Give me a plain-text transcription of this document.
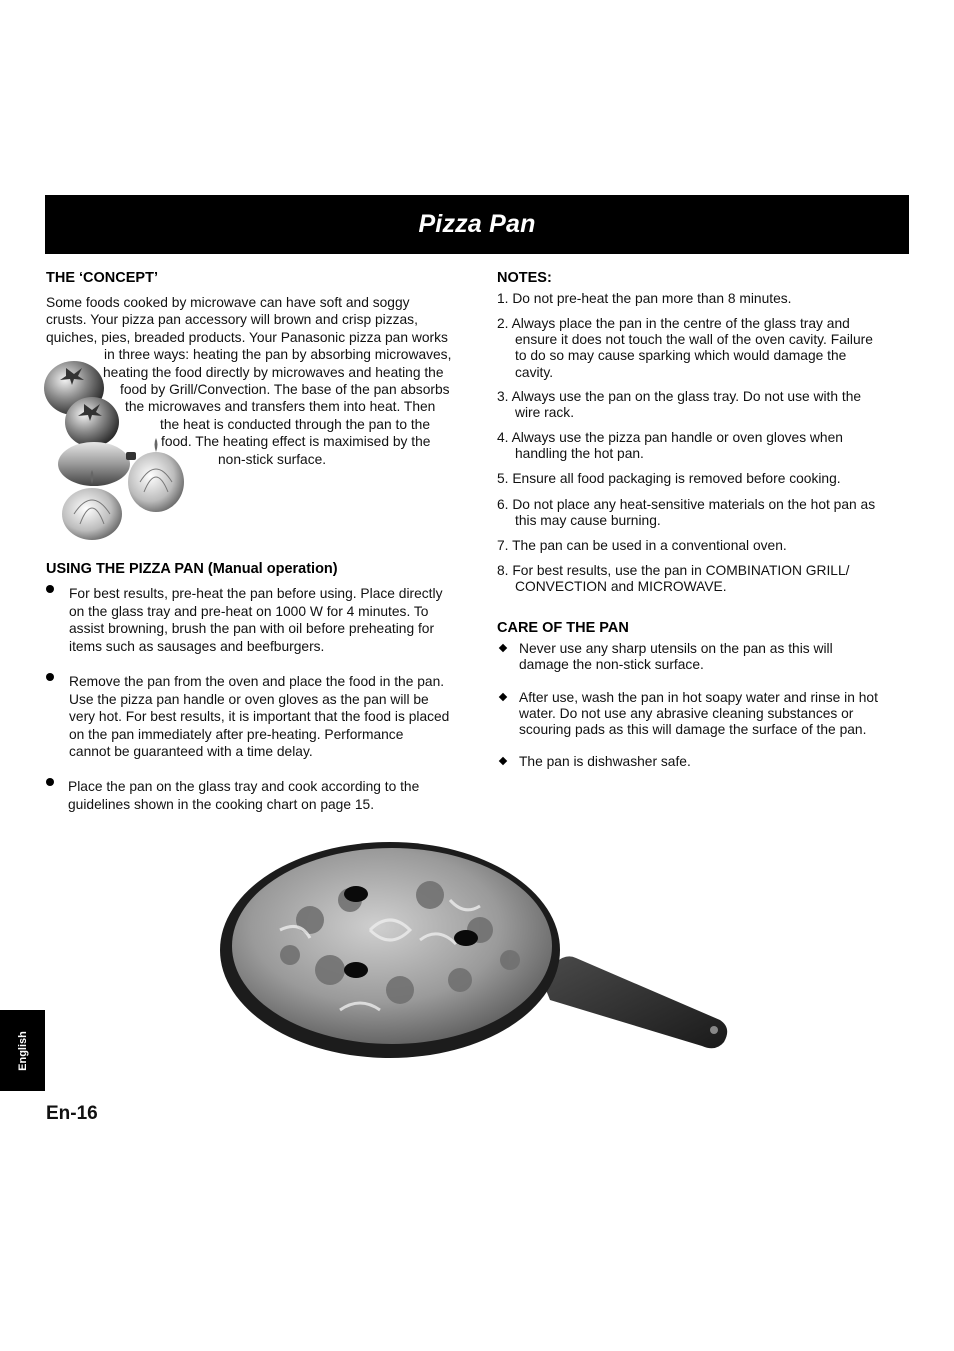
Pizza Pan
THE ‘CONCEPT’
Some foods cooked by microwave can have soft and soggy
crusts. Your pizza pan accessory will brown and crisp pizzas,
quiches, pies, breaded products. Your Panasonic pizza pan works
in three ways: heating the pan by absorbing microwaves,
heating the food directly by microwaves and heating the
food by Grill/Convection. The base of the pan absorbs
the microwaves and transfers them into heat. Then
the heat is conducted through the pan to the
food. The heating effect is maximised by the
non-stick surface.
USING THE PIZZA PAN (Manual operation)
For best results, pre-heat the pan before using. Place directly
on the glass tray and pre-heat on 1000 W for 4 minutes. To
assist browning, brush the pan with oil before preheating for
items such as sausages and beefburgers.
Remove the pan from the oven and place the food in the pan.
Use the pizza pan handle or oven gloves as the pan will be
very hot. For best results, it is important that the food is placed
on the pan immediately after pre-heating. Performance
cannot be guaranteed with a time delay.
Place the pan on the glass tray and cook according to the
guidelines shown in the cooking chart on page 15.
NOTES:
1. Do not pre-heat the pan more than 8 minutes.
2. Always place the pan in the centre of the glass tray and
ensure it does not touch the wall of the oven cavity. Failure
to do so may cause sparking which would damage the
cavity.
3. Always use the pan on the glass tray. Do not use with the
wire rack.
4. Always use the pizza pan handle or oven gloves when
handling the hot pan.
5. Ensure all food packaging is removed before cooking.
6. Do not place any heat-sensitive materials on the hot pan as
this may cause burning.
7. The pan can be used in a conventional oven.
8. For best results, use the pan in COMBINATION GRILL/
CONVECTION and MICROWAVE.
CARE OF THE PAN
Never use any sharp utensils on the pan as this will
damage the non-stick surface.
After use, wash the pan in hot soapy water and rinse in hot
water. Do not use any abrasive cleaning substances or
scouring pads as this will damage the surface of the pan.
The pan is dishwasher safe.
English

En-16
